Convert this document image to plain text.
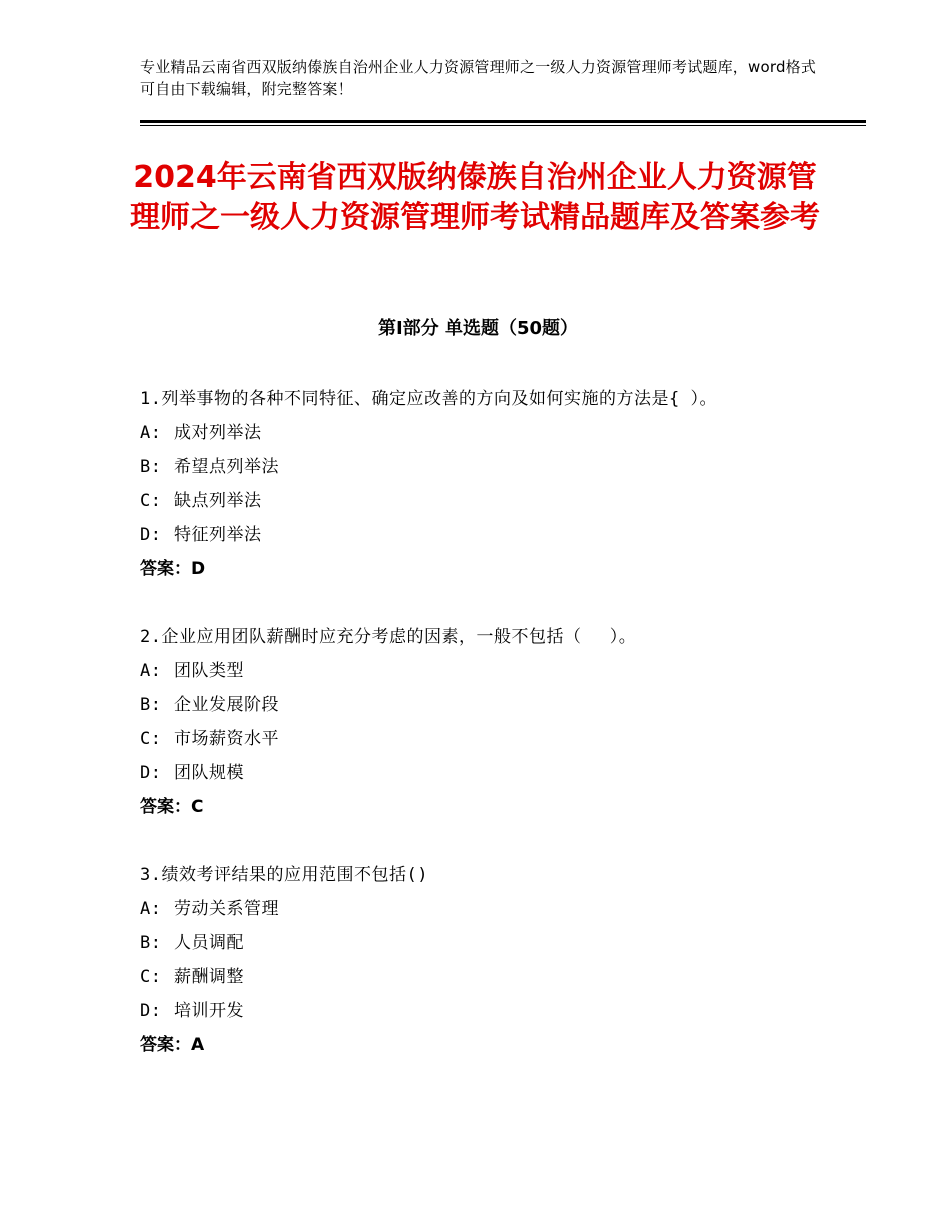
专业精品云南省西双版纳傣族自治州企业人力资源管理师之一级人力资源管理师考试题库，word格式可自由下载编辑，附完整答案！
2024年云南省西双版纳傣族自治州企业人力资源管理师之一级人力资源管理师考试精品题库及答案参考
第Ⅰ部分 单选题（50题）
1.列举事物的各种不同特征、确定应改善的方向及如何实施的方法是{ ）。
A: 成对列举法
B: 希望点列举法
C: 缺点列举法
D: 特征列举法
答案：D
2.企业应用团队薪酬时应充分考虑的因素，一般不包括（　 ）。
A: 团队类型
B: 企业发展阶段
C: 市场薪资水平
D: 团队规模
答案：C
3.绩效考评结果的应用范围不包括()
A: 劳动关系管理
B: 人员调配
C: 薪酬调整
D: 培训开发
答案：A
